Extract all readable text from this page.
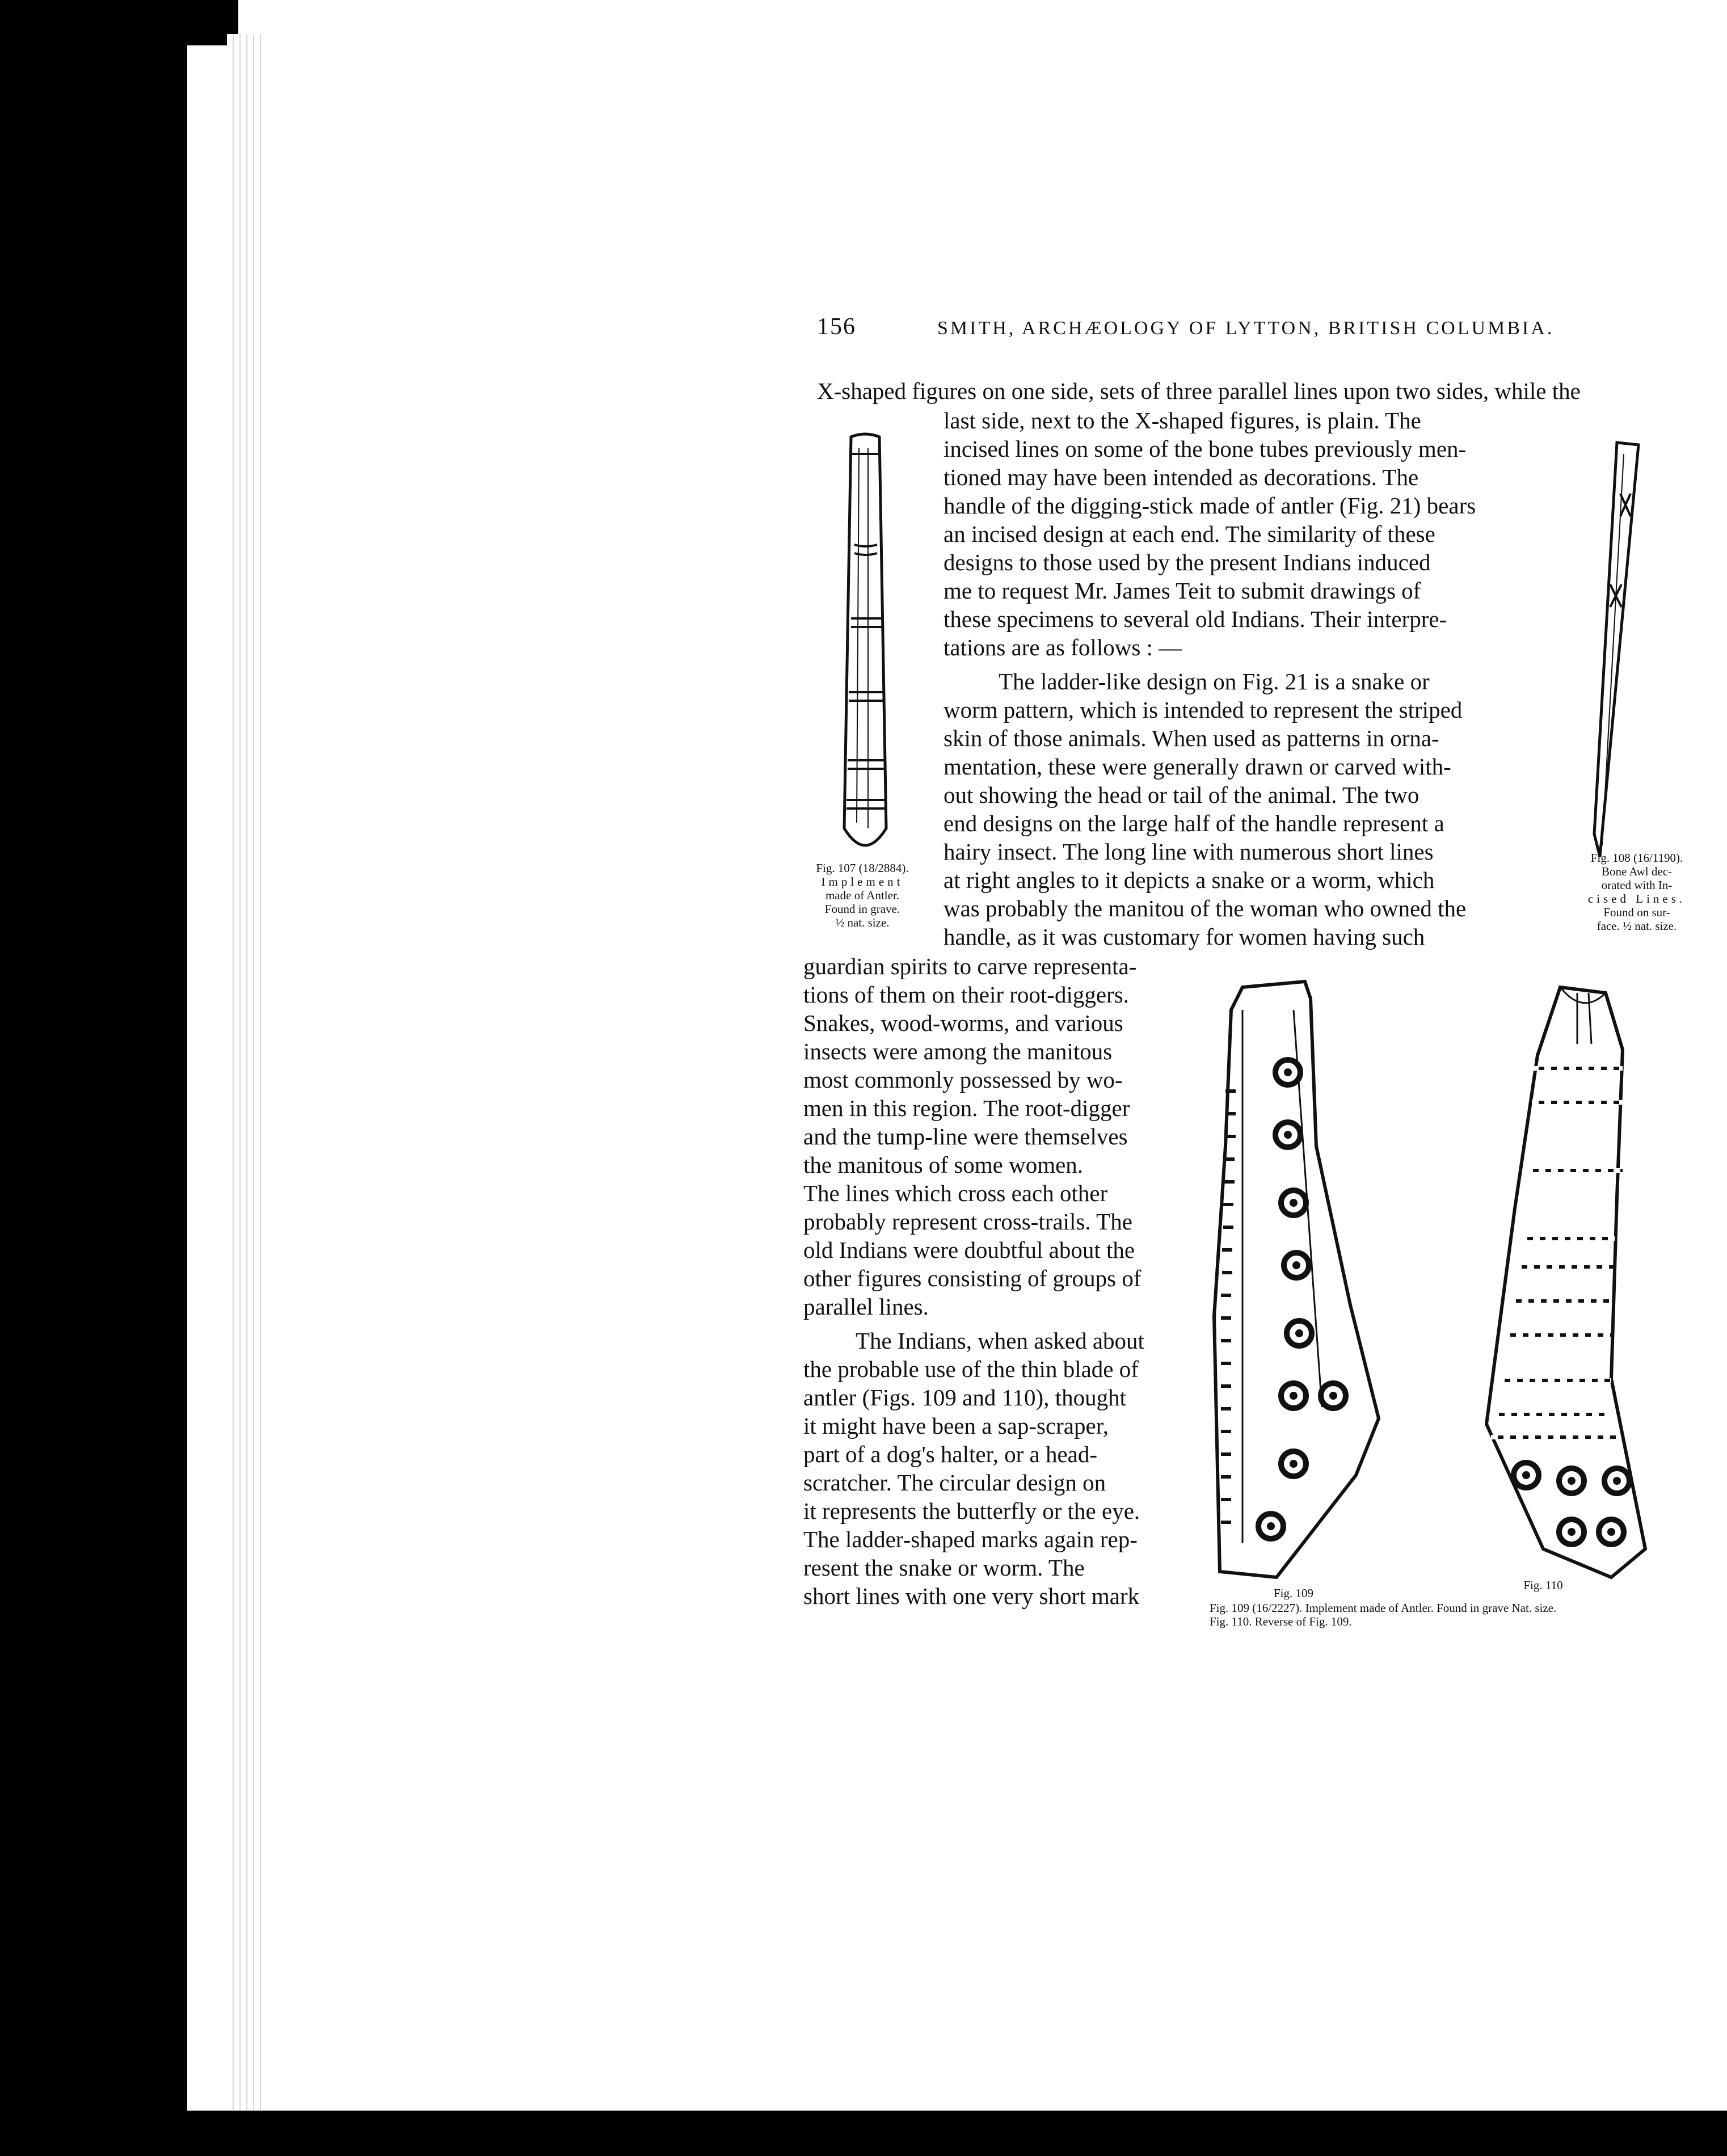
156	SMITH, ARCHÆOLOGY OF LYTTON, BRITISH COLUMBIA.
X-shaped figures on one side, sets of three parallel lines upon two sides, while the
last side, next to the X-shaped figures, is plain. The
incised lines on some of the bone tubes previously men-
tioned may have been intended as decorations. The
handle of the digging-stick made of antler (Fig. 21) bears
an incised design at each end. The similarity of these
designs to those used by the present Indians induced
me to request Mr. James Teit to submit drawings of
these specimens to several old Indians. Their interpre-
tations are as follows : —
The ladder-like design on Fig. 21 is a snake or
worm pattern, which is intended to represent the striped
skin of those animals. When used as patterns in orna-
mentation, these were generally drawn or carved with-
out showing the head or tail of the animal. The two
end designs on the large half of the handle represent a
hairy insect. The long line with numerous short lines
at right angles to it depicts a snake or a worm, which
was probably the manitou of the woman who owned the
handle, as it was customary for women having such
guardian spirits to carve representa-
tions of them on their root-diggers.
Snakes, wood-worms, and various
insects were among the manitous
most commonly possessed by wo-
men in this region. The root-digger
and the tump-line were themselves
the manitous of some women.
The lines which cross each other
probably represent cross-trails. The
old Indians were doubtful about the
other figures consisting of groups of
parallel lines.
The Indians, when asked about
the probable use of the thin blade of
antler (Figs. 109 and 110), thought
it might have been a sap-scraper,
part of a dog's halter, or a head-
scratcher. The circular design on
it represents the butterfly or the eye.
The ladder-shaped marks again rep-
resent the snake or worm. The
short lines with one very short mark
Fig. 107 (18/2884).
Implement
made of Antler.
Found in grave.
½ nat. size.
Fig. 108 (16/1190).
Bone Awl dec-
orated with In-
cised Lines.
Found on sur-
face. ½ nat. size.
Fig. 109
Fig. 110
Fig. 109 (16/2227). Implement made of Antler. Found in grave Nat. size.
Fig. 110. Reverse of Fig. 109.
